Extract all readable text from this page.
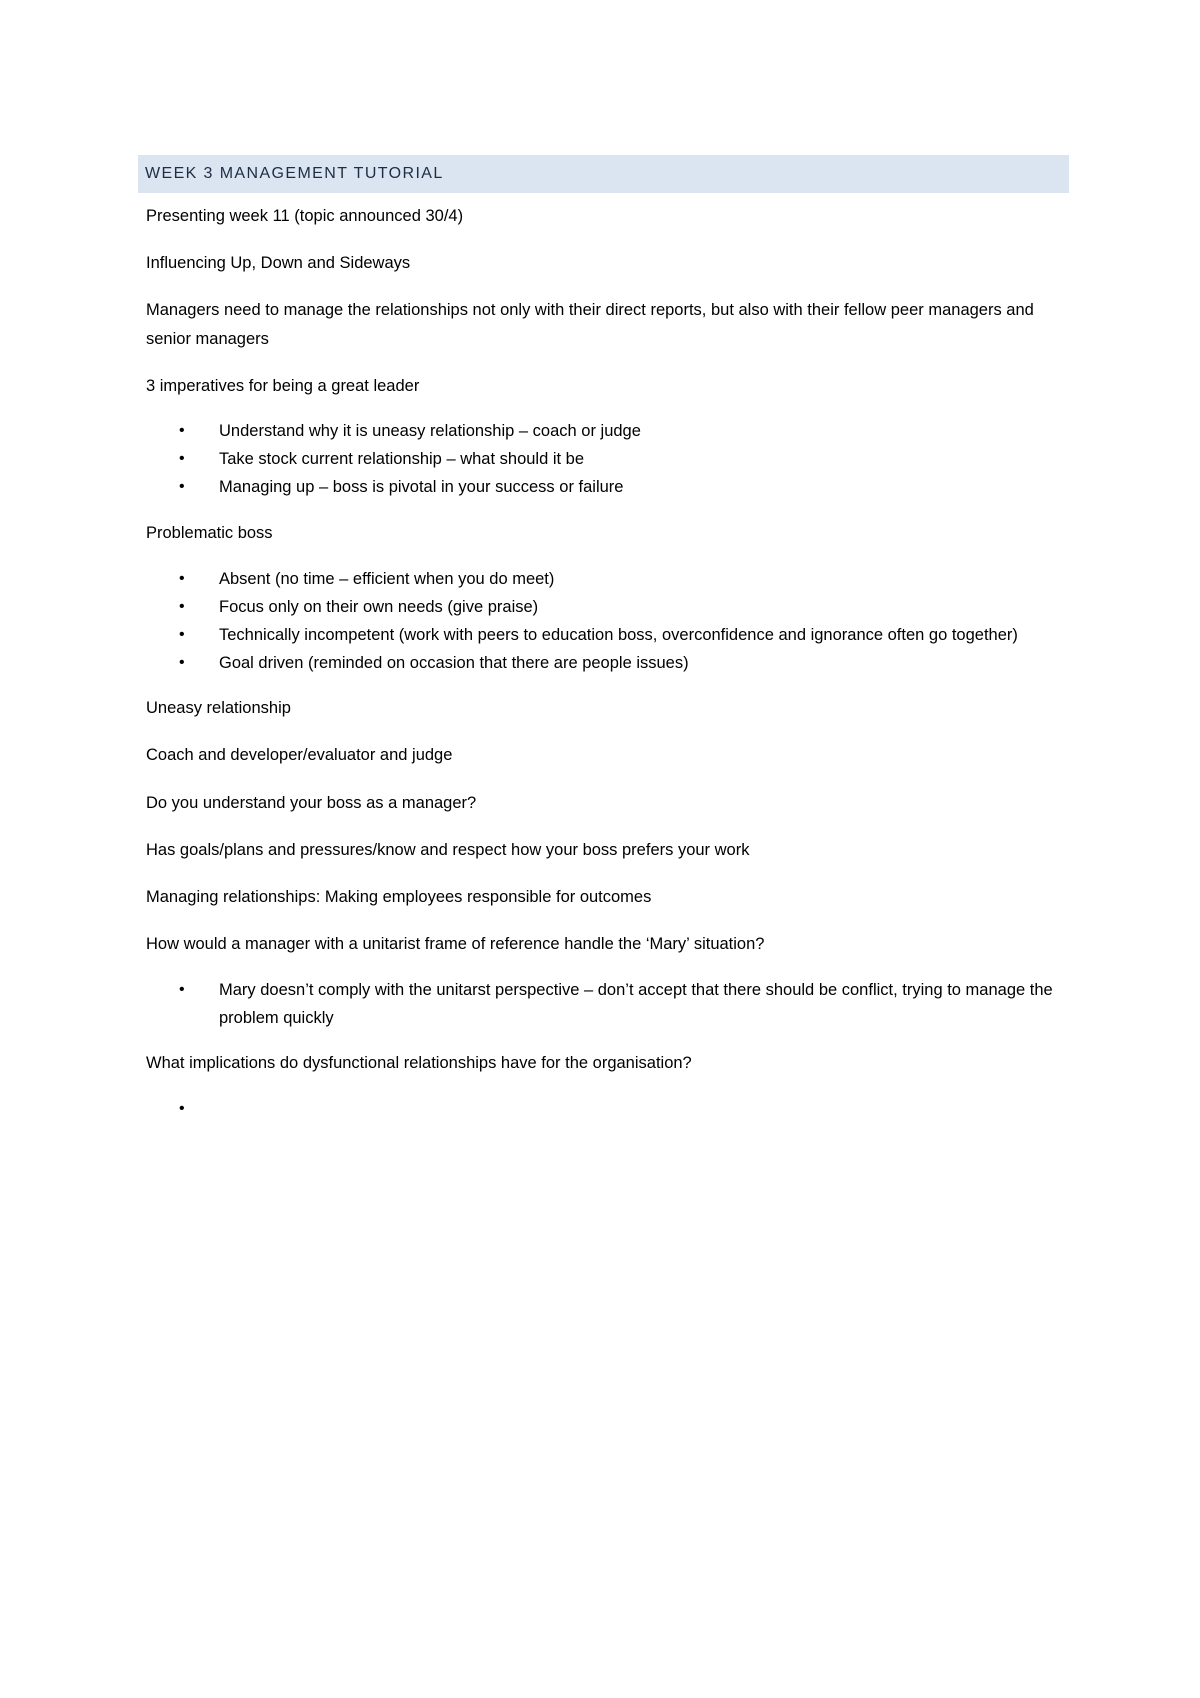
WEEK 3 MANAGEMENT TUTORIAL

Presenting week 11 (topic announced 30/4)

Influencing Up, Down and Sideways

Managers need to manage the relationships not only with their direct reports, but also with their fellow peer managers and senior managers

3 imperatives for being a great leader

• Understand why it is uneasy relationship – coach or judge
• Take stock current relationship – what should it be
• Managing up – boss is pivotal in your success or failure

Problematic boss

• Absent (no time – efficient when you do meet)
• Focus only on their own needs (give praise)
• Technically incompetent (work with peers to education boss, overconfidence and ignorance often go together)
• Goal driven (reminded on occasion that there are people issues)

Uneasy relationship

Coach and developer/evaluator and judge

Do you understand your boss as a manager?

Has goals/plans and pressures/know and respect how your boss prefers your work

Managing relationships: Making employees responsible for outcomes

How would a manager with a unitarist frame of reference handle the ‘Mary’ situation?

• Mary doesn’t comply with the unitarst perspective – don’t accept that there should be conflict, trying to manage the problem quickly

What implications do dysfunctional relationships have for the organisation?

•
